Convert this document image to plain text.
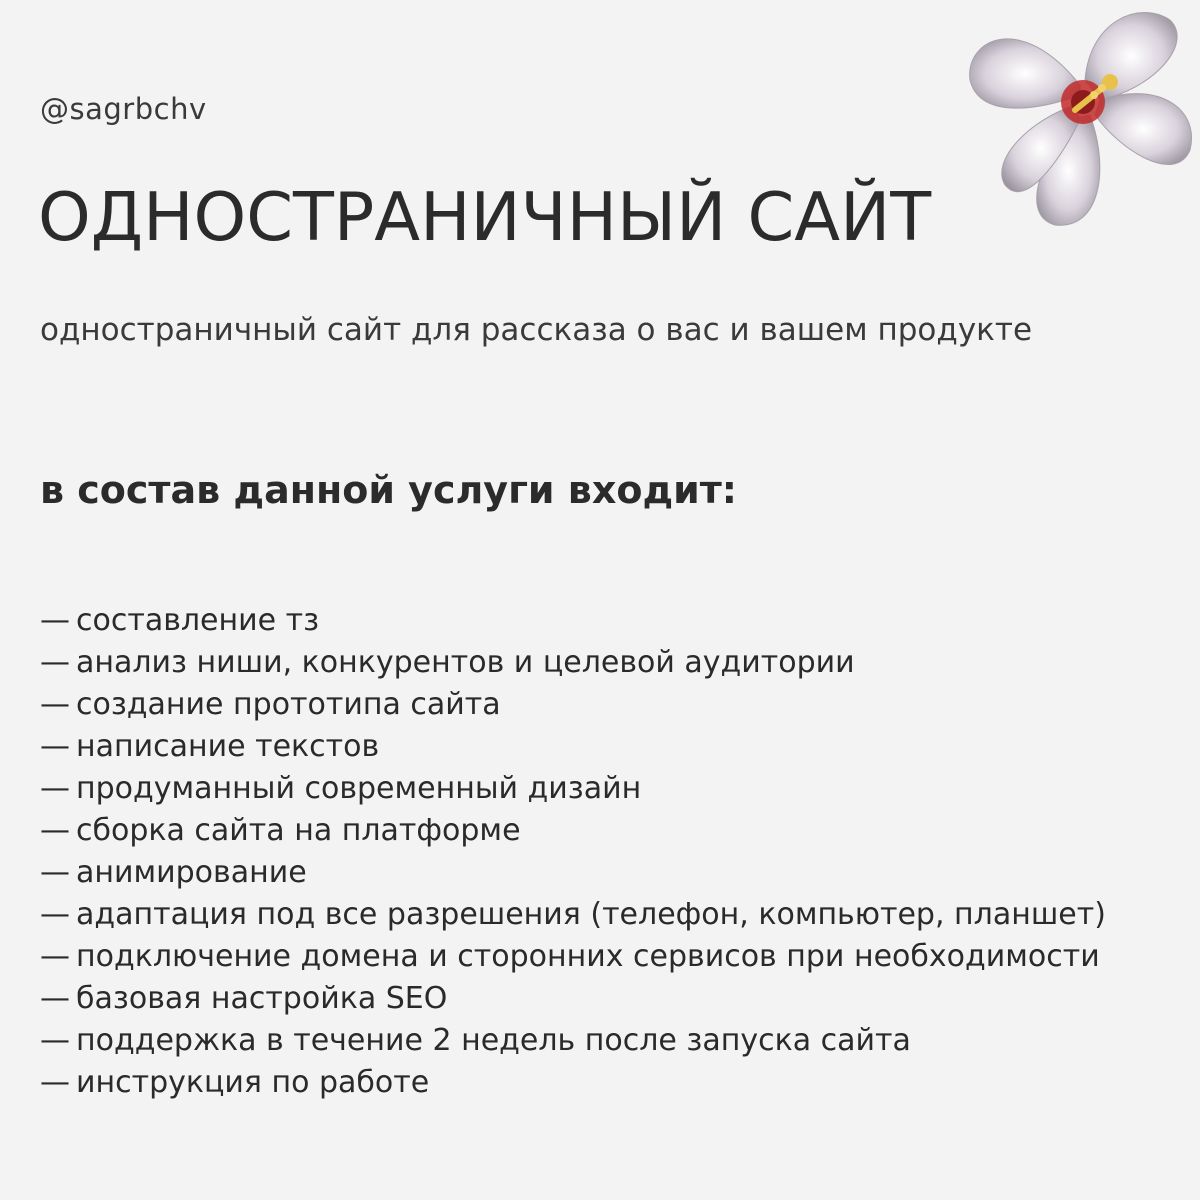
@sagrbchv

ОДНОСТРАНИЧНЫЙ САЙТ

одностраничный сайт для рассказа о вас и вашем продукте

в состав данной услуги входит:
— составление тз
— анализ ниши, конкурентов и целевой аудитории
— создание прототипа сайта
— написание текстов
— продуманный современный дизайн
— сборка сайта на платформе
— анимирование
— адаптация под все разрешения (телефон, компьютер, планшет)
— подключение домена и сторонних сервисов при необходимости
— базовая настройка SEO
— поддержка в течение 2 недель после запуска сайта
— инструкция по работе
